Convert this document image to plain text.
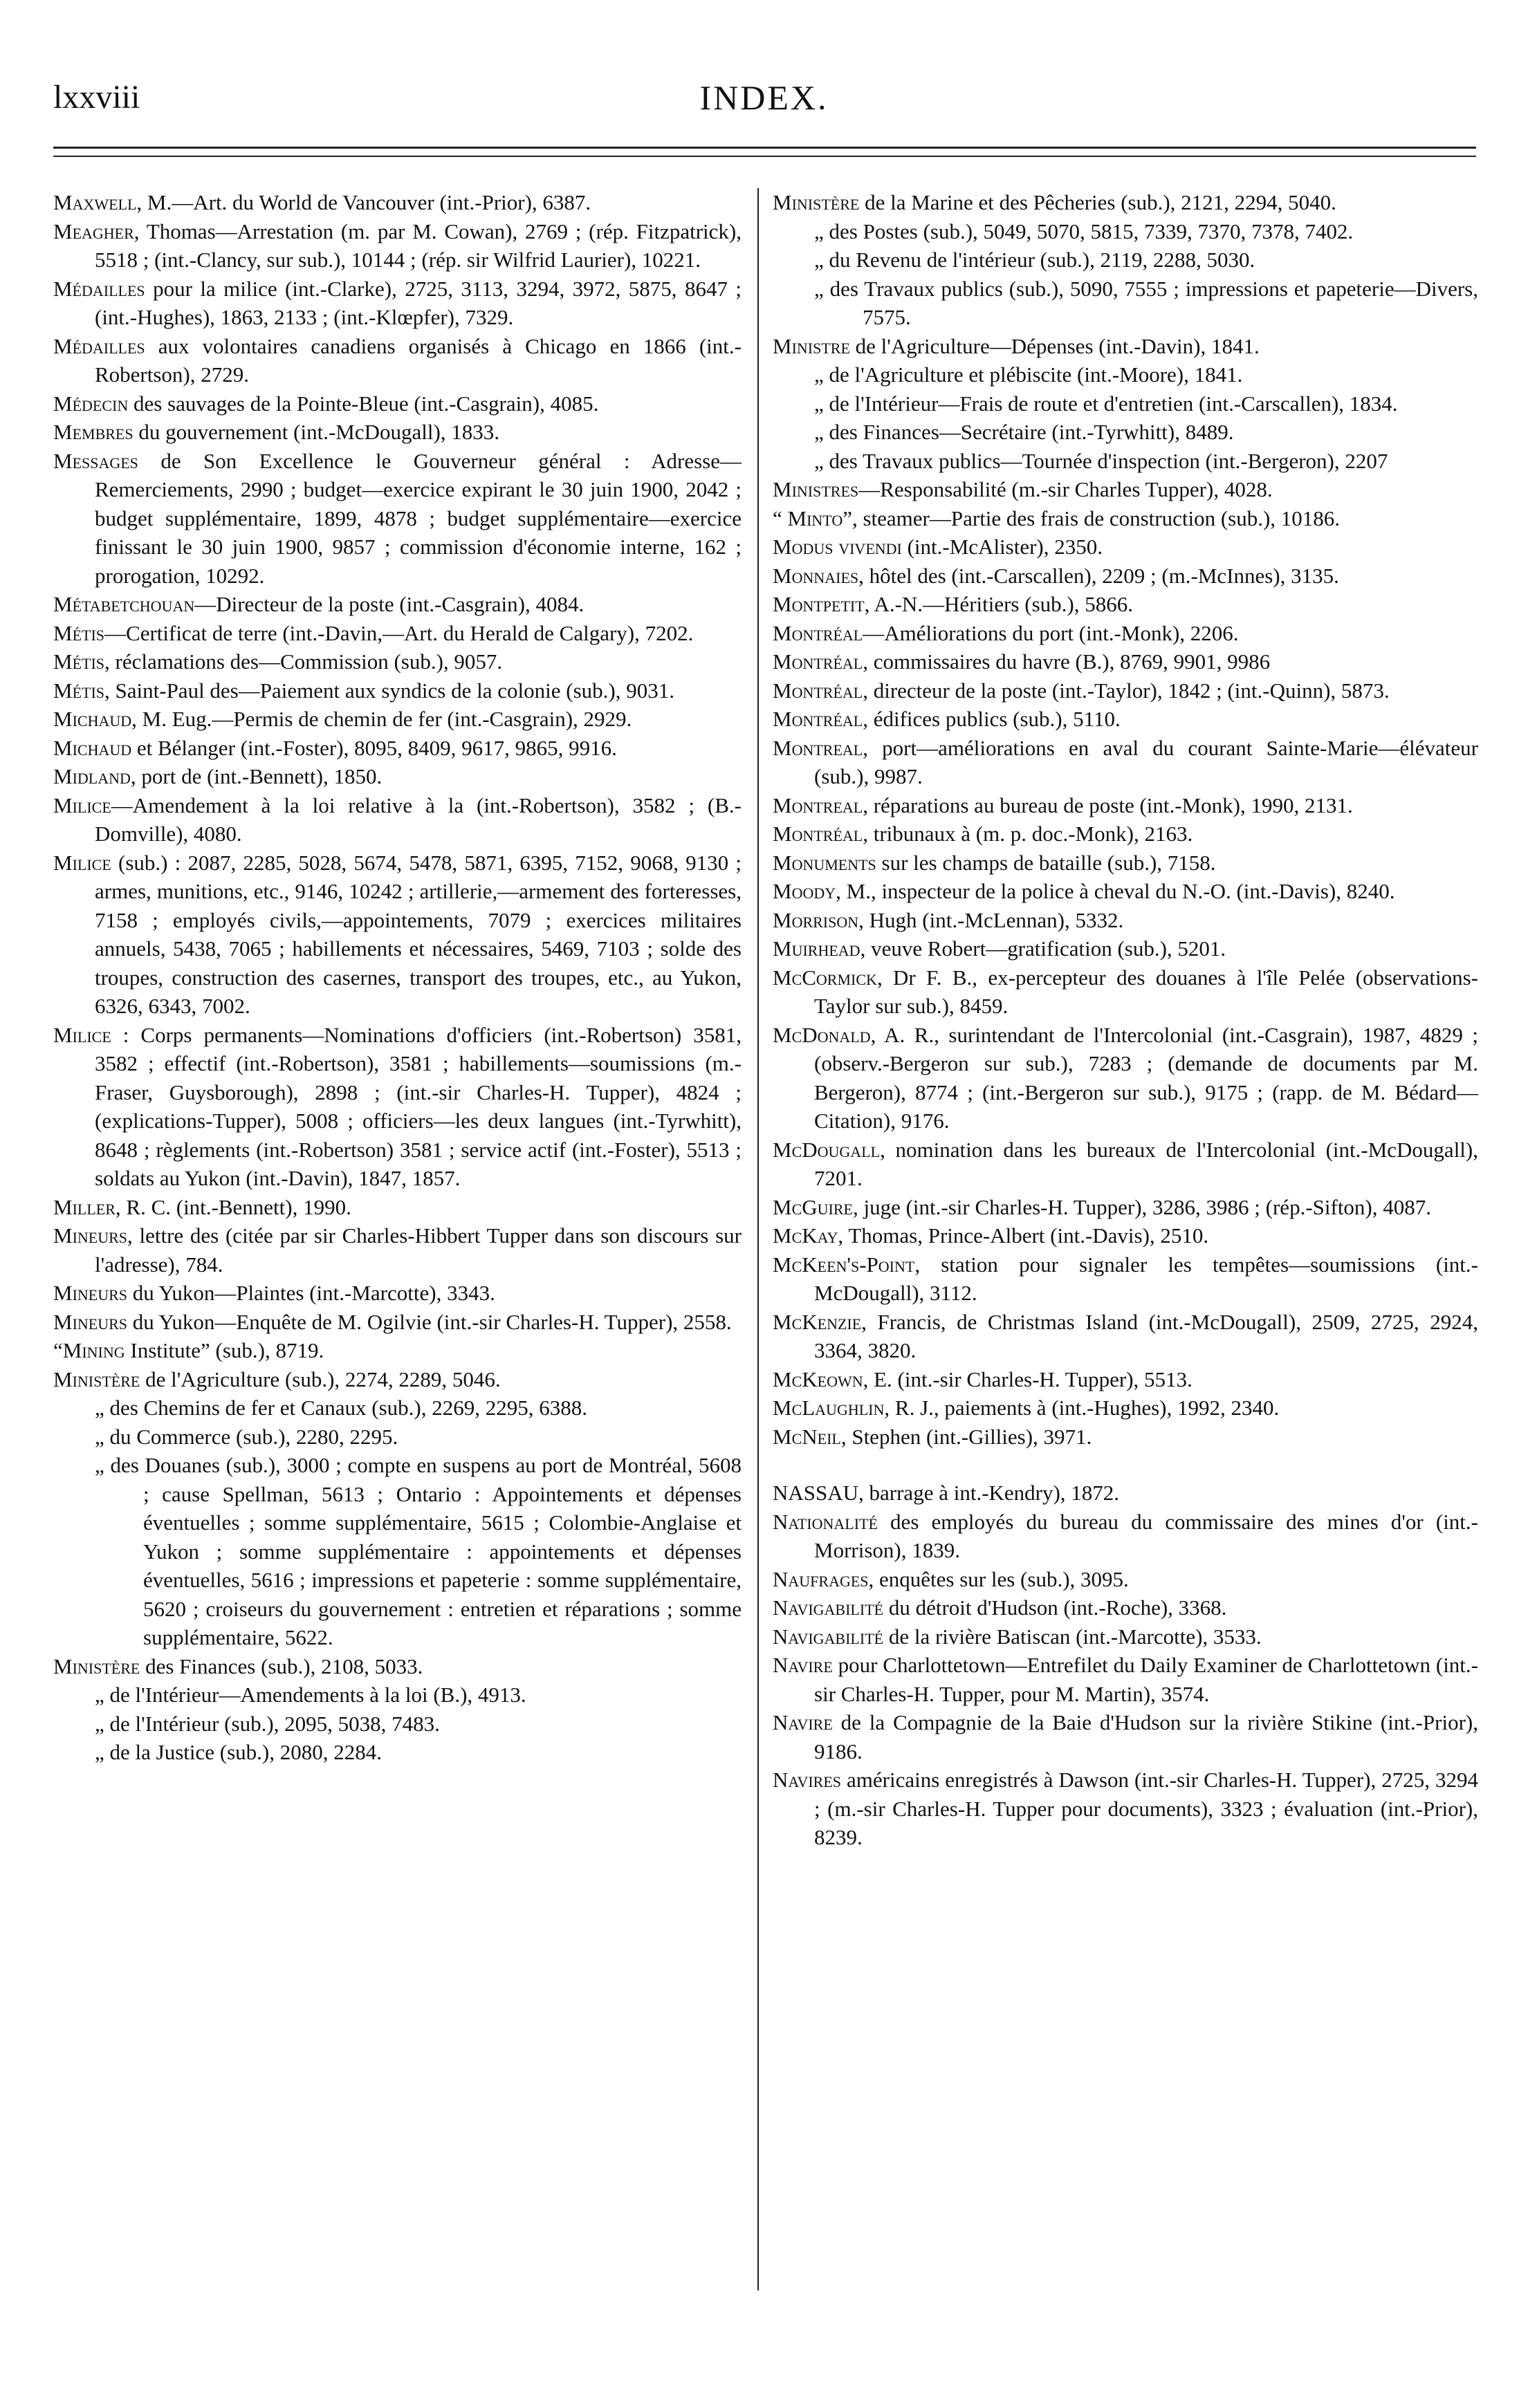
lxxviii	INDEX.

Maxwell, M.—Art. du World de Vancouver (int.-Prior), 6387.

Meagher, Thomas—Arrestation (m. par M. Cowan), 2769 ; (rép. Fitzpatrick), 5518 ; (int.-Clancy, sur sub.), 10144 ; (rép. sir Wilfrid Laurier), 10221.

Médailles pour la milice (int.-Clarke), 2725, 3113, 3294, 3972, 5875, 8647 ; (int.-Hughes), 1863, 2133 ; (int.-Klœpfer), 7329.

Médailles aux volontaires canadiens organisés à Chicago en 1866 (int.-Robertson), 2729.

Médecin des sauvages de la Pointe-Bleue (int.-Casgrain), 4085.

Membres du gouvernement (int.-McDougall), 1833.

Messages de Son Excellence le Gouverneur général : Adresse—Remerciements, 2990 ; budget—exercice expirant le 30 juin 1900, 2042 ; budget supplémentaire, 1899, 4878 ; budget supplémentaire—exercice finissant le 30 juin 1900, 9857 ; commission d'économie interne, 162 ; prorogation, 10292.

Métabetchouan—Directeur de la poste (int.-Casgrain), 4084.

Métis—Certificat de terre (int.-Davin,—Art. du Herald de Calgary), 7202.

Métis, réclamations des—Commission (sub.), 9057.

Métis, Saint-Paul des—Paiement aux syndics de la colonie (sub.), 9031.

Michaud, M. Eug.—Permis de chemin de fer (int.-Casgrain), 2929.

Michaud et Bélanger (int.-Foster), 8095, 8409, 9617, 9865, 9916.

Midland, port de (int.-Bennett), 1850.

Milice—Amendement à la loi relative à la (int.-Robertson), 3582 ; (B.-Domville), 4080.

Milice (sub.) : 2087, 2285, 5028, 5674, 5478, 5871, 6395, 7152, 9068, 9130 ; armes, munitions, etc., 9146, 10242 ; artillerie,—armement des forteresses, 7158 ; employés civils,—appointements, 7079 ; exercices militaires annuels, 5438, 7065 ; habillements et nécessaires, 5469, 7103 ; solde des troupes, construction des casernes, transport des troupes, etc., au Yukon, 6326, 6343, 7002.

Milice : Corps permanents—Nominations d'officiers (int.-Robertson) 3581, 3582 ; effectif (int.-Robertson), 3581 ; habillements—soumissions (m.-Fraser, Guysborough), 2898 ; (int.-sir Charles-H. Tupper), 4824 ; (explications-Tupper), 5008 ; officiers—les deux langues (int.-Tyrwhitt), 8648 ; règlements (int.-Robertson) 3581 ; service actif (int.-Foster), 5513 ; soldats au Yukon (int.-Davin), 1847, 1857.

Miller, R. C. (int.-Bennett), 1990.

Mineurs, lettre des (citée par sir Charles-Hibbert Tupper dans son discours sur l'adresse), 784.

Mineurs du Yukon—Plaintes (int.-Marcotte), 3343.

Mineurs du Yukon—Enquête de M. Ogilvie (int.-sir Charles-H. Tupper), 2558.

“Mining Institute” (sub.), 8719.

Ministère de l'Agriculture (sub.), 2274, 2289, 5046.

„ des Chemins de fer et Canaux (sub.), 2269, 2295, 6388.

„ du Commerce (sub.), 2280, 2295.

„ des Douanes (sub.), 3000 ; compte en suspens au port de Montréal, 5608 ; cause Spellman, 5613 ; Ontario : Appointements et dépenses éventuelles ; somme supplémentaire, 5615 ; Colombie-Anglaise et Yukon ; somme supplémentaire : appointements et dépenses éventuelles, 5616 ; impressions et papeterie : somme supplémentaire, 5620 ; croiseurs du gouvernement : entretien et réparations ; somme supplémentaire, 5622.

Ministère des Finances (sub.), 2108, 5033.

„ de l'Intérieur—Amendements à la loi (B.), 4913.

„ de l'Intérieur (sub.), 2095, 5038, 7483.

„ de la Justice (sub.), 2080, 2284.

Ministère de la Marine et des Pêcheries (sub.), 2121, 2294, 5040.

„ des Postes (sub.), 5049, 5070, 5815, 7339, 7370, 7378, 7402.

„ du Revenu de l'intérieur (sub.), 2119, 2288, 5030.

„ des Travaux publics (sub.), 5090, 7555 ; impressions et papeterie—Divers, 7575.

Ministre de l'Agriculture—Dépenses (int.-Davin), 1841.

„ de l'Agriculture et plébiscite (int.-Moore), 1841.

„ de l'Intérieur—Frais de route et d'entretien (int.-Carscallen), 1834.

„ des Finances—Secrétaire (int.-Tyrwhitt), 8489.

„ des Travaux publics—Tournée d'inspection (int.-Bergeron), 2207

Ministres—Responsabilité (m.-sir Charles Tupper), 4028.

“ Minto”, steamer—Partie des frais de construction (sub.), 10186.

Modus vivendi (int.-McAlister), 2350.

Monnaies, hôtel des (int.-Carscallen), 2209 ; (m.-McInnes), 3135.

Montpetit, A.-N.—Héritiers (sub.), 5866.

Montréal—Améliorations du port (int.-Monk), 2206.

Montréal, commissaires du havre (B.), 8769, 9901, 9986

Montréal, directeur de la poste (int.-Taylor), 1842 ; (int.-Quinn), 5873.

Montréal, édifices publics (sub.), 5110.

Montreal, port—améliorations en aval du courant Sainte-Marie—élévateur (sub.), 9987.

Montreal, réparations au bureau de poste (int.-Monk), 1990, 2131.

Montréal, tribunaux à (m. p. doc.-Monk), 2163.

Monuments sur les champs de bataille (sub.), 7158.

Moody, M., inspecteur de la police à cheval du N.-O. (int.-Davis), 8240.

Morrison, Hugh (int.-McLennan), 5332.

Muirhead, veuve Robert—gratification (sub.), 5201.

McCormick, Dr F. B., ex-percepteur des douanes à l'île Pelée (observations-Taylor sur sub.), 8459.

McDonald, A. R., surintendant de l'Intercolonial (int.-Casgrain), 1987, 4829 ; (observ.-Bergeron sur sub.), 7283 ; (demande de documents par M. Bergeron), 8774 ; (int.-Bergeron sur sub.), 9175 ; (rapp. de M. Bédard—Citation), 9176.

McDougall, nomination dans les bureaux de l'Intercolonial (int.-McDougall), 7201.

McGuire, juge (int.-sir Charles-H. Tupper), 3286, 3986 ; (rép.-Sifton), 4087.

McKay, Thomas, Prince-Albert (int.-Davis), 2510.

McKeen's-Point, station pour signaler les tempêtes—soumissions (int.-McDougall), 3112.

McKenzie, Francis, de Christmas Island (int.-McDougall), 2509, 2725, 2924, 3364, 3820.

McKeown, E. (int.-sir Charles-H. Tupper), 5513.

McLaughlin, R. J., paiements à (int.-Hughes), 1992, 2340.

McNeil, Stephen (int.-Gillies), 3971.

NASSAU, barrage à int.-Kendry), 1872.

Nationalité des employés du bureau du commissaire des mines d'or (int.-Morrison), 1839.

Naufrages, enquêtes sur les (sub.), 3095.

Navigabilité du détroit d'Hudson (int.-Roche), 3368.

Navigabilité de la rivière Batiscan (int.-Marcotte), 3533.

Navire pour Charlottetown—Entrefilet du Daily Examiner de Charlottetown (int.-sir Charles-H. Tupper, pour M. Martin), 3574.

Navire de la Compagnie de la Baie d'Hudson sur la rivière Stikine (int.-Prior), 9186.

Navires américains enregistrés à Dawson (int.-sir Charles-H. Tupper), 2725, 3294 ; (m.-sir Charles-H. Tupper pour documents), 3323 ; évaluation (int.-Prior), 8239.
